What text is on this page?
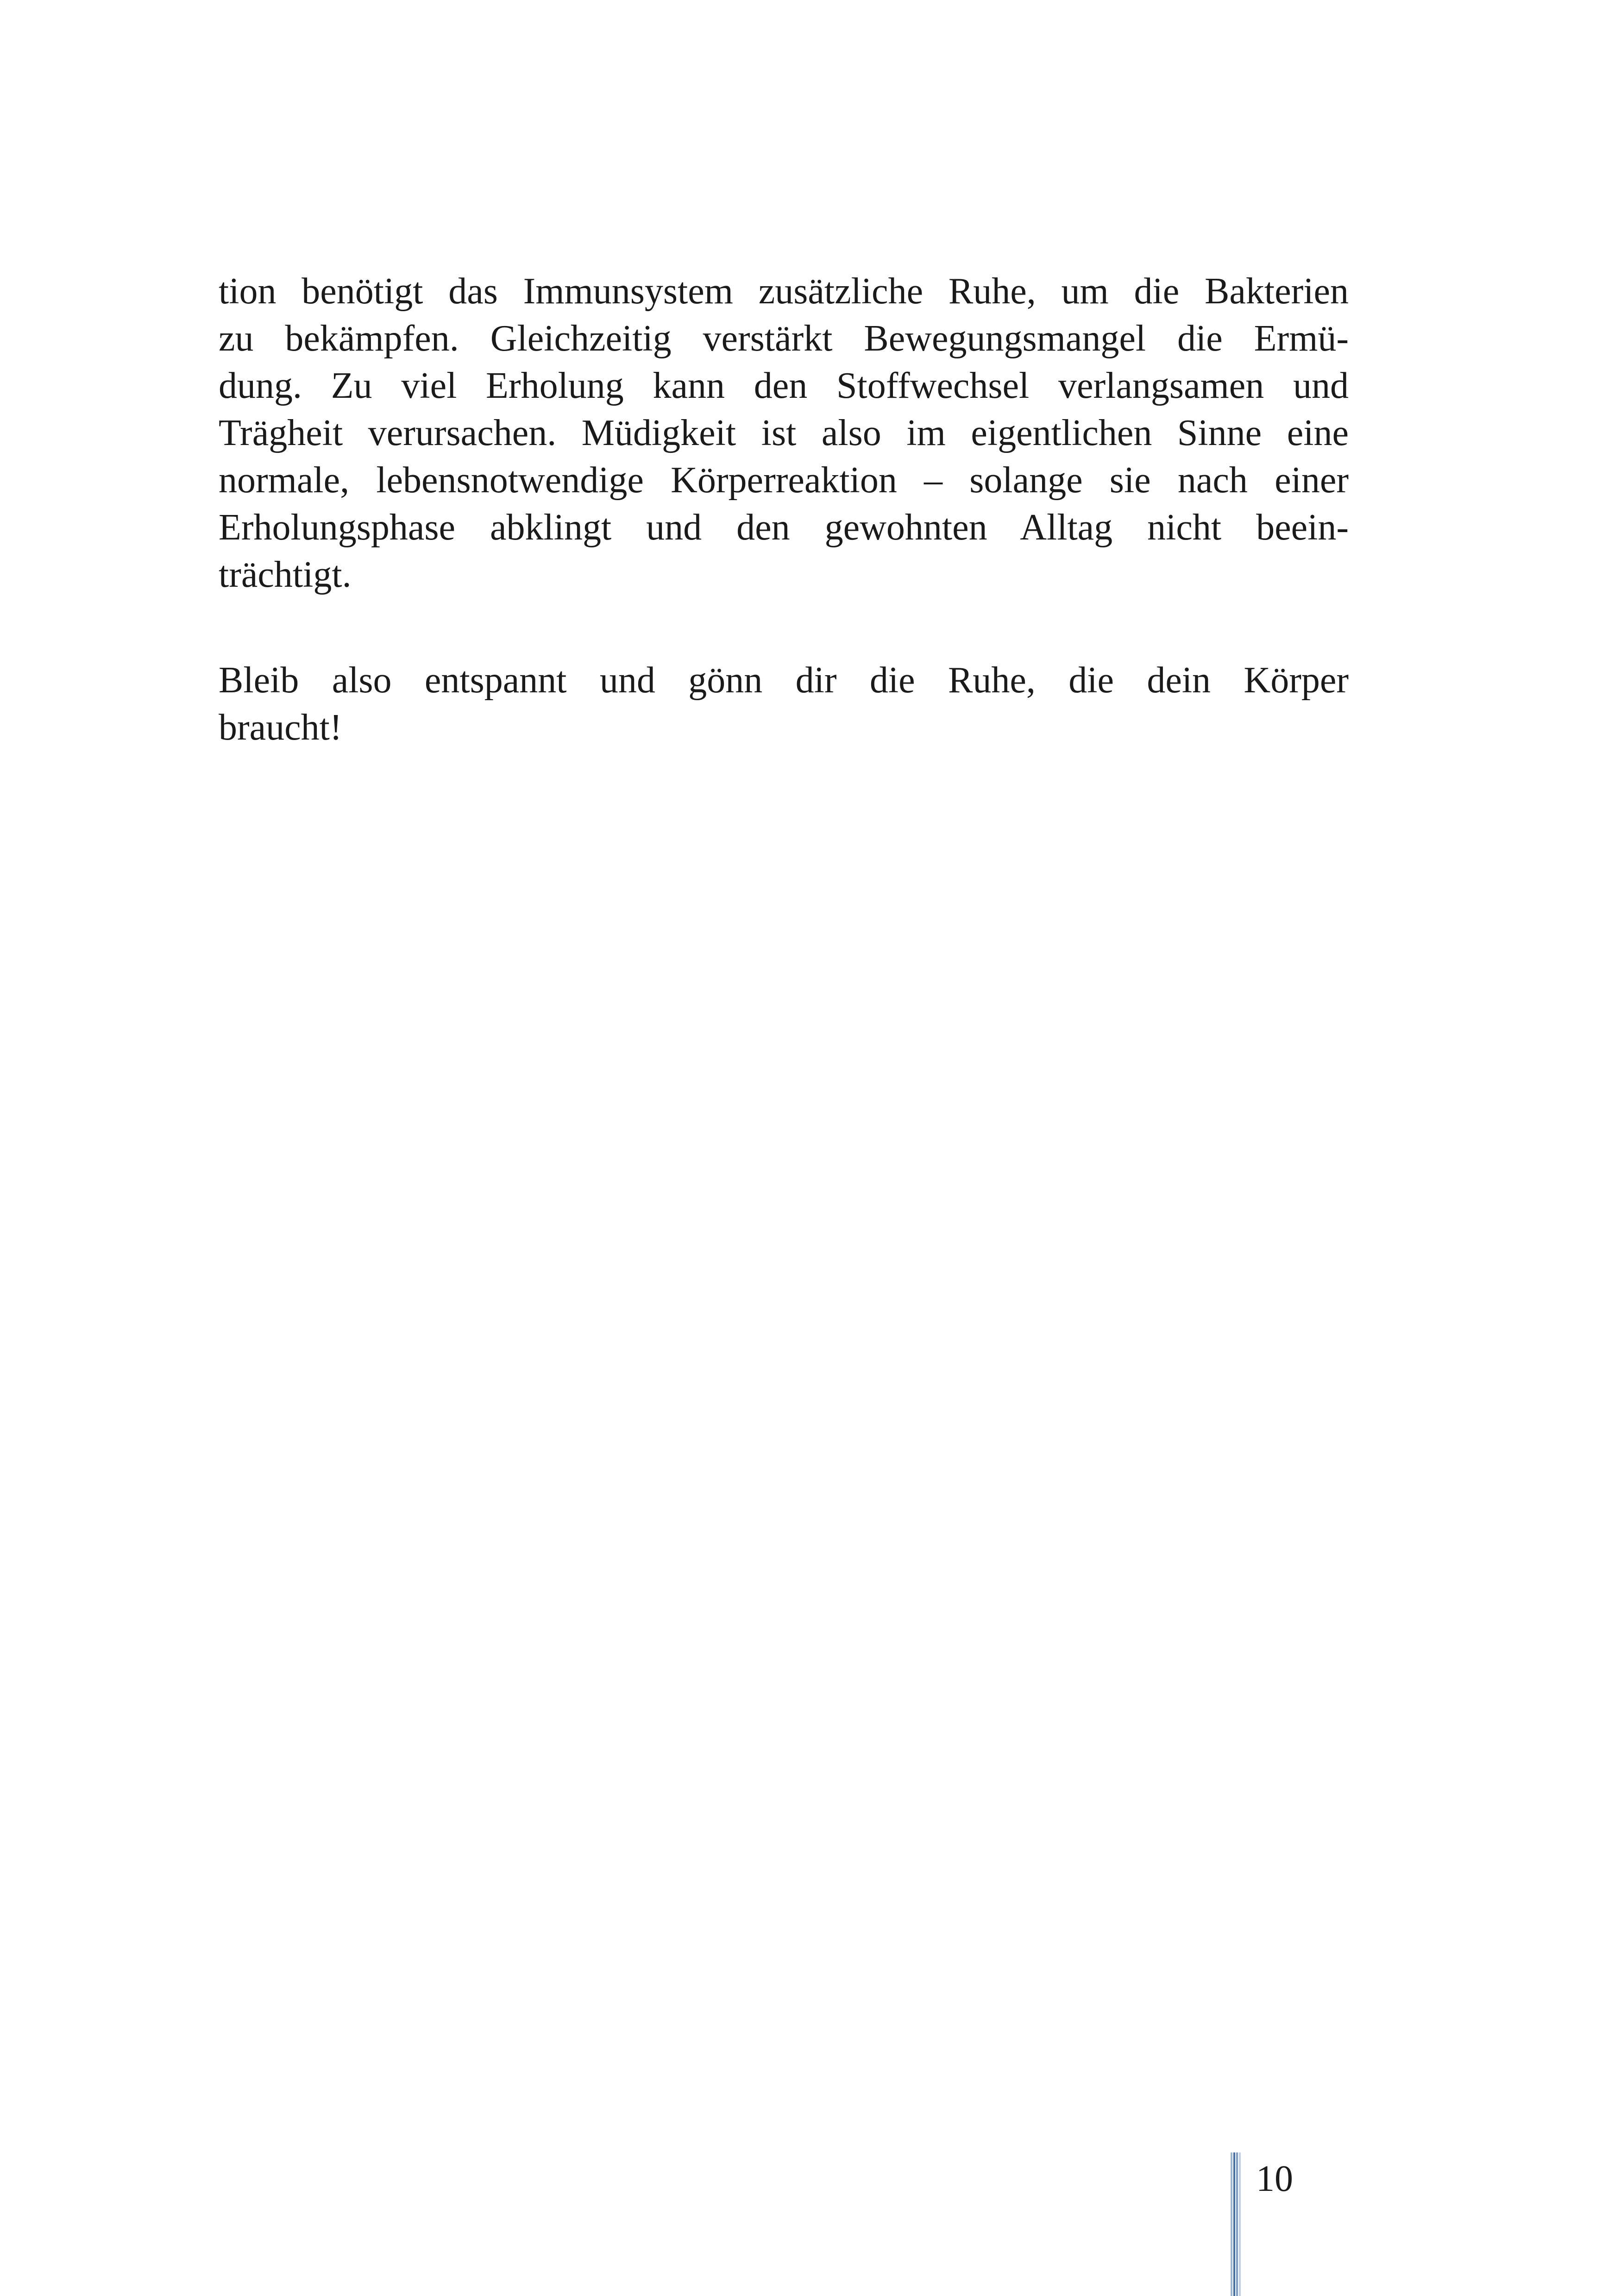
tion benötigt das Immunsystem zusätzliche Ruhe, um die Bakterien
zu bekämpfen. Gleichzeitig verstärkt Bewegungsmangel die Ermü-
dung. Zu viel Erholung kann den Stoffwechsel verlangsamen und
Trägheit verursachen. Müdigkeit ist also im eigentlichen Sinne eine
normale, lebensnotwendige Körperreaktion – solange sie nach einer
Erholungsphase abklingt und den gewohnten Alltag nicht beein-
trächtigt.
Bleib also entspannt und gönn dir die Ruhe, die dein Körper
braucht!
10
